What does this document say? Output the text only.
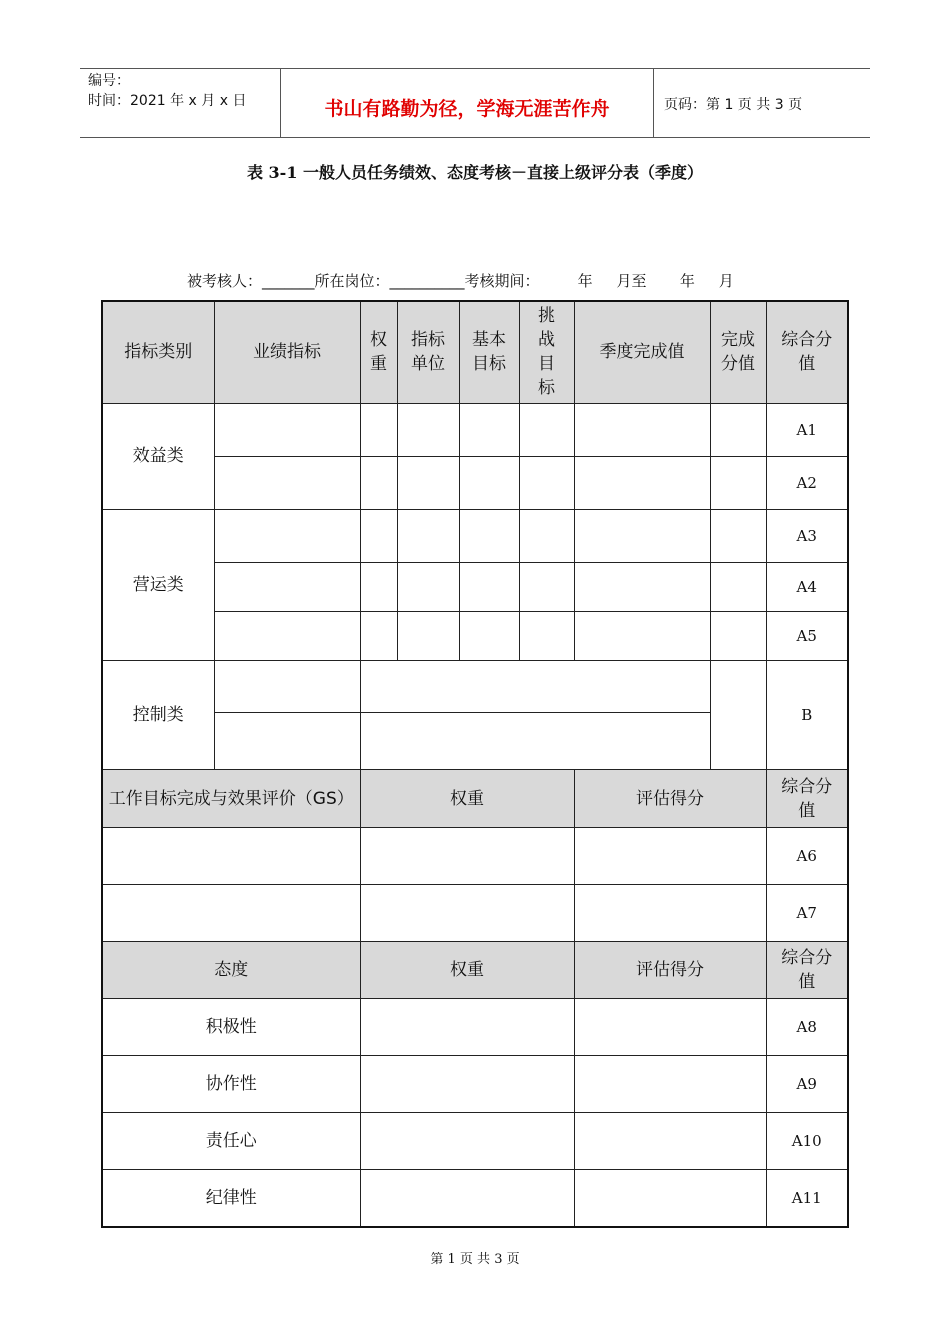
编号：
时间：2021 年 x 月 x 日	书山有路勤为径，学海无涯苦作舟	页码：第 1 页 共 3 页
表 3-1 一般人员任务绩效、态度考核－直接上级评分表（季度）
被考核人：_______所在岗位：__________考核期间：        年     月至       年     月
指标类别	业绩指标	权重	指标单位	基本目标	挑战目标	季度完成值	完成分值	综合分值
效益类								A1
								A2
营运类								A3
								A4
								A5
控制类								B

工作目标完成与效果评价（GS）		权重				评估得分		综合分值
								A6
								A7
态度		权重				评估得分		综合分值
积极性								A8
协作性								A9
责任心								A10
纪律性								A11
第 1 页 共 3 页
